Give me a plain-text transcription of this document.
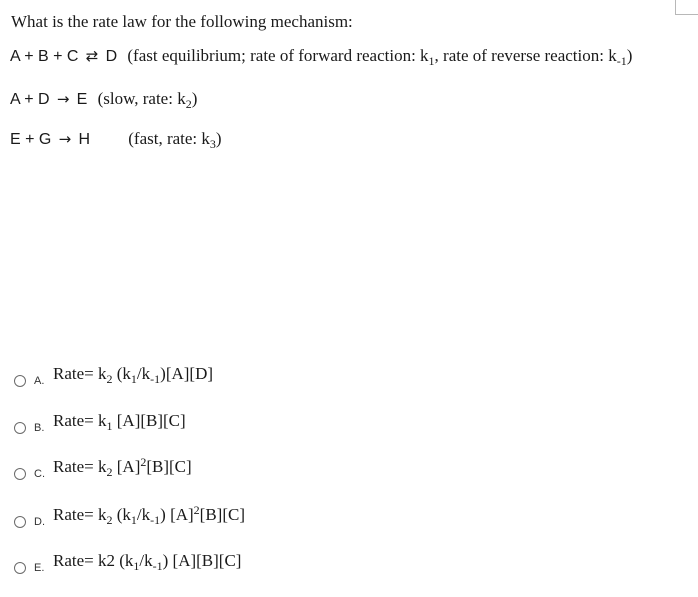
What is the rate law for the following mechanism:
A + B + C ⇄ D (fast equilibrium; rate of forward reaction: $k_1$, rate of reverse reaction: $k_{-1}$)
A + D → E (slow, rate: $k_2$)
E + G → H (fast, rate: $k_3$)
A. Rate= $k_2$ $(k_1/k_{-1})[A][D]$
B. Rate= $k_1$ [A][B][C]
C. Rate= $k_2$ $[A]^2[B][C]$
D. Rate= $k_2$ $(k_1/k_{-1})$ $[A]^2[B][C]$
E. Rate= k2 $(k_1/k_{-1})$ [A][B][C]
